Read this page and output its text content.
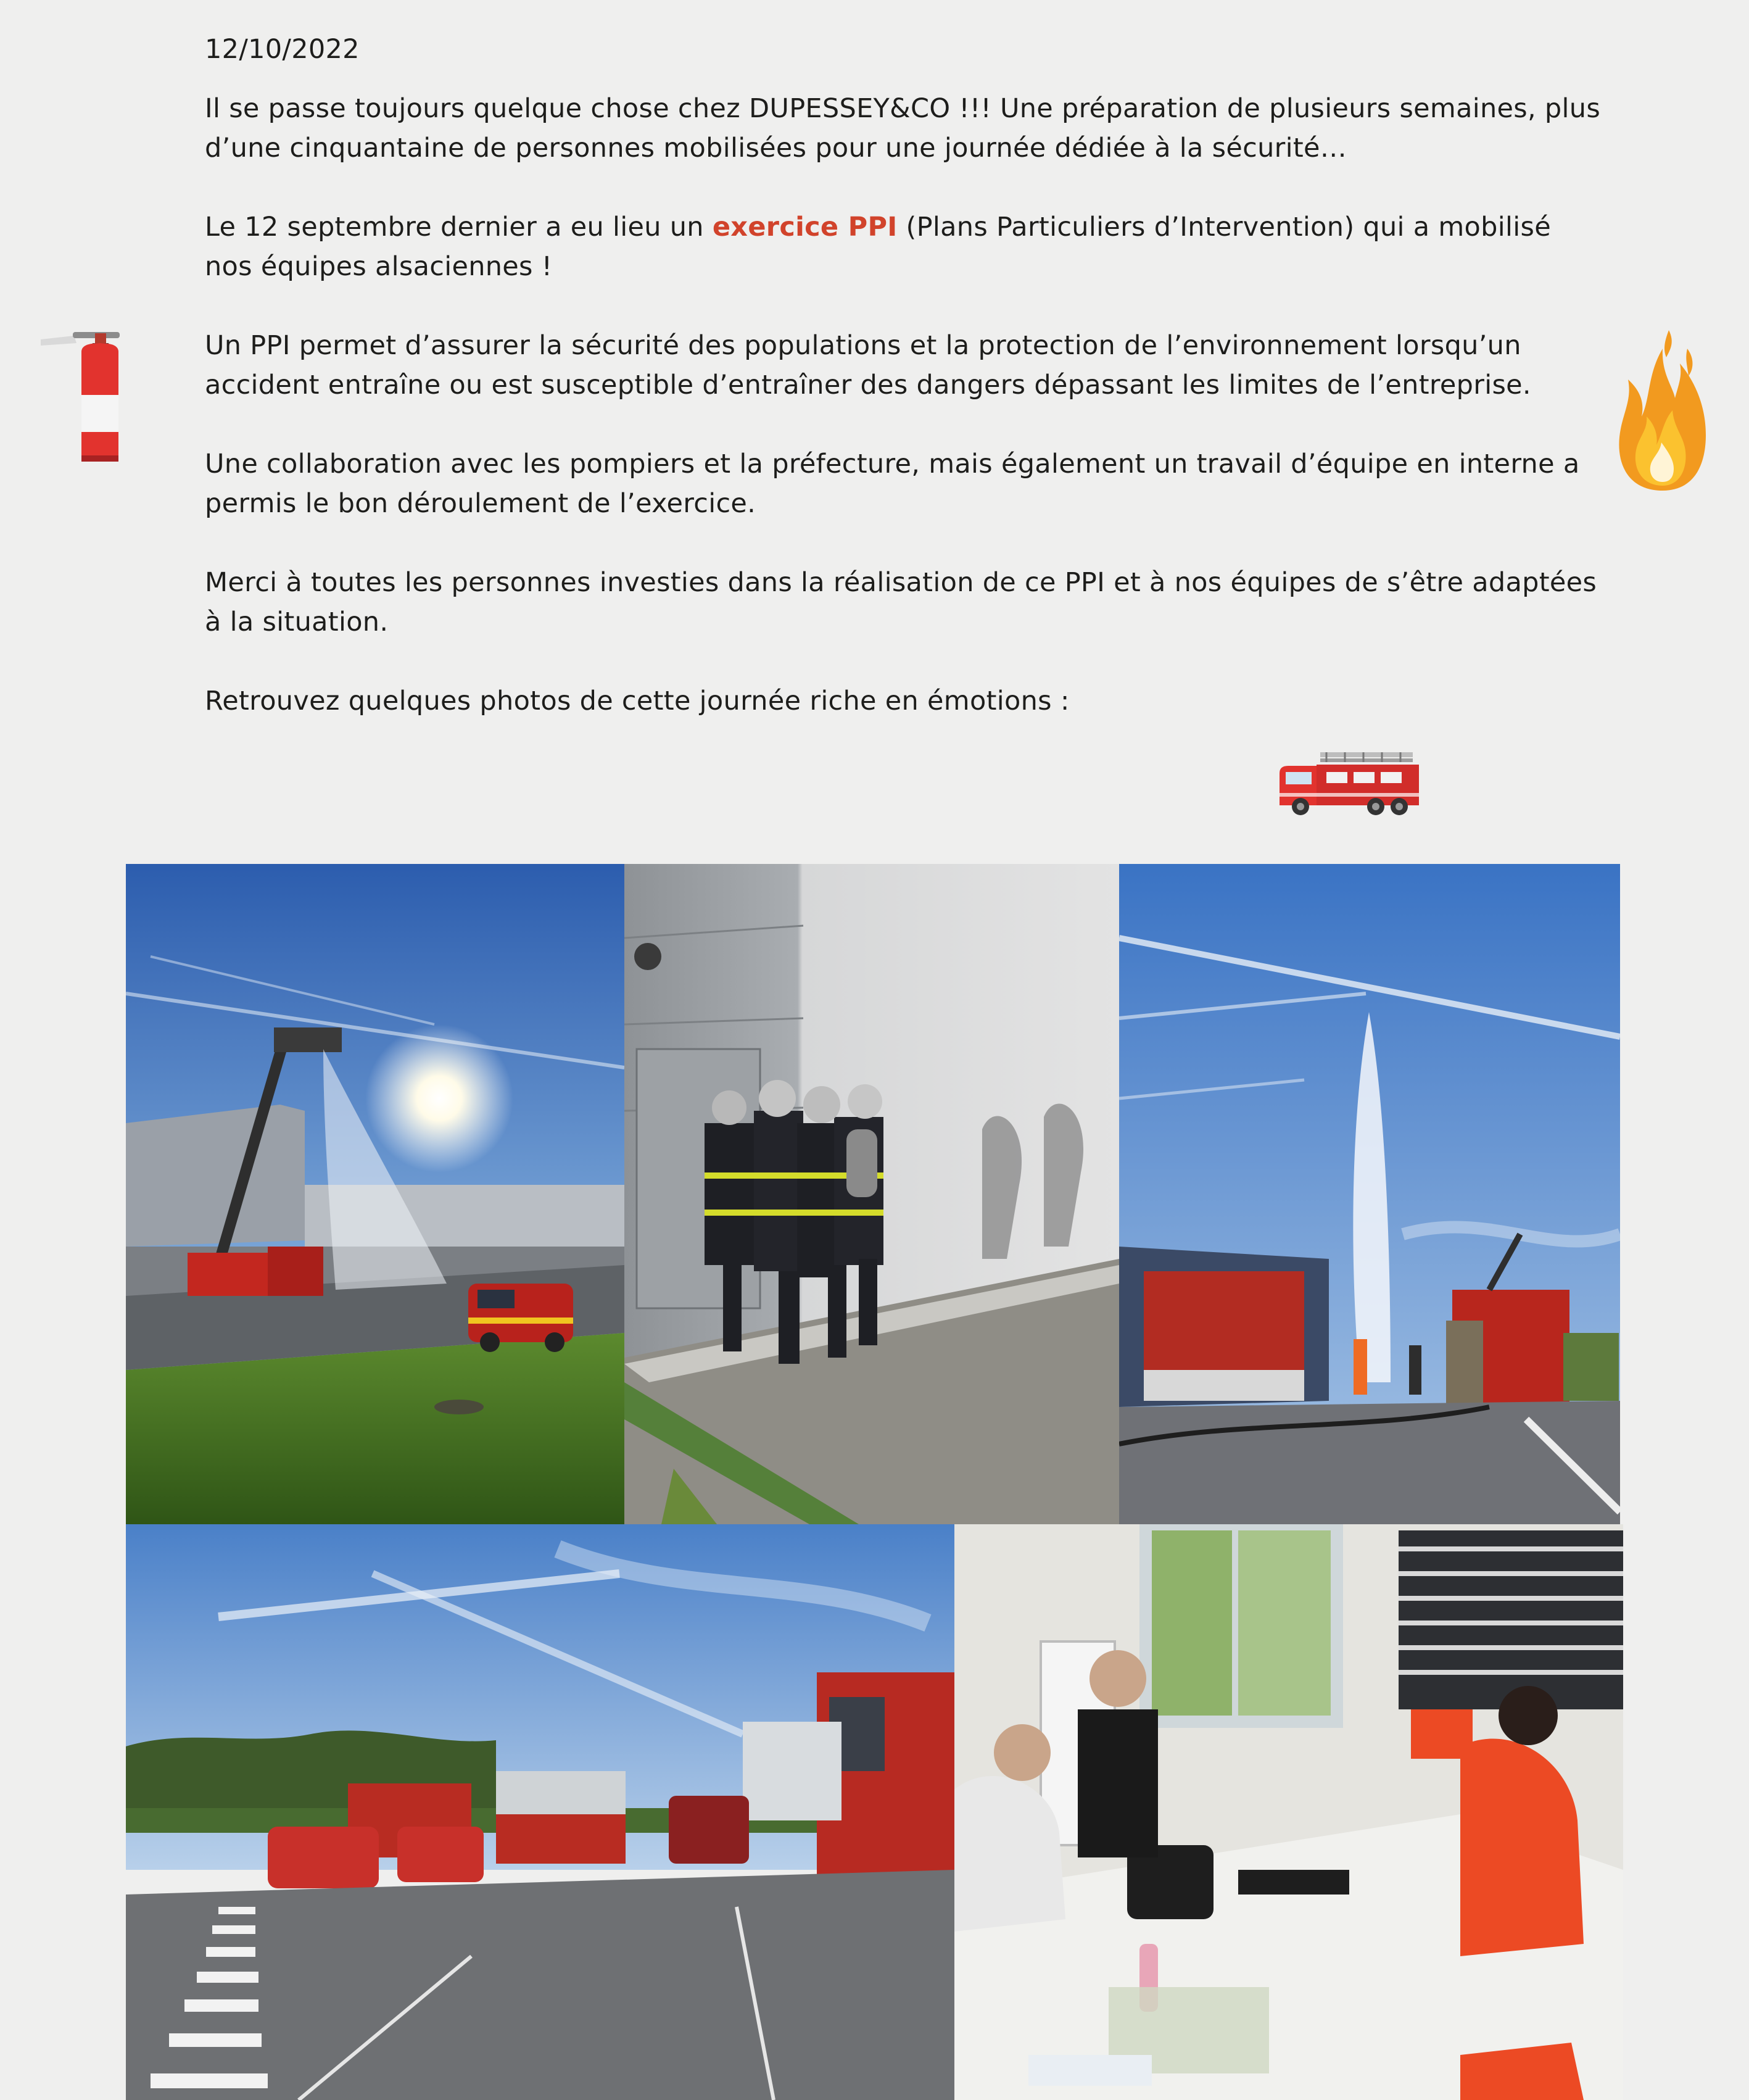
12/10/2022

Il se passe toujours quelque chose chez DUPESSEY&CO !!! Une préparation de plusieurs semaines, plus d’une cinquantaine de personnes mobilisées pour une journée dédiée à la sécurité…

Le 12 septembre dernier a eu lieu un exercice PPI (Plans Particuliers d’Intervention) qui a mobilisé nos équipes alsaciennes !

Un PPI permet d’assurer la sécurité des populations et la protection de l’environnement lorsqu’un accident entraîne ou est susceptible d’entraîner des dangers dépassant les limites de l’entreprise.

Une collaboration avec les pompiers et la préfecture, mais également un travail d’équipe en interne a permis le bon déroulement de l’exercice.

Merci à toutes les personnes investies dans la réalisation de ce PPI et à nos équipes de s’être adaptées à la situation.

Retrouvez quelques photos de cette journée riche en émotions :
